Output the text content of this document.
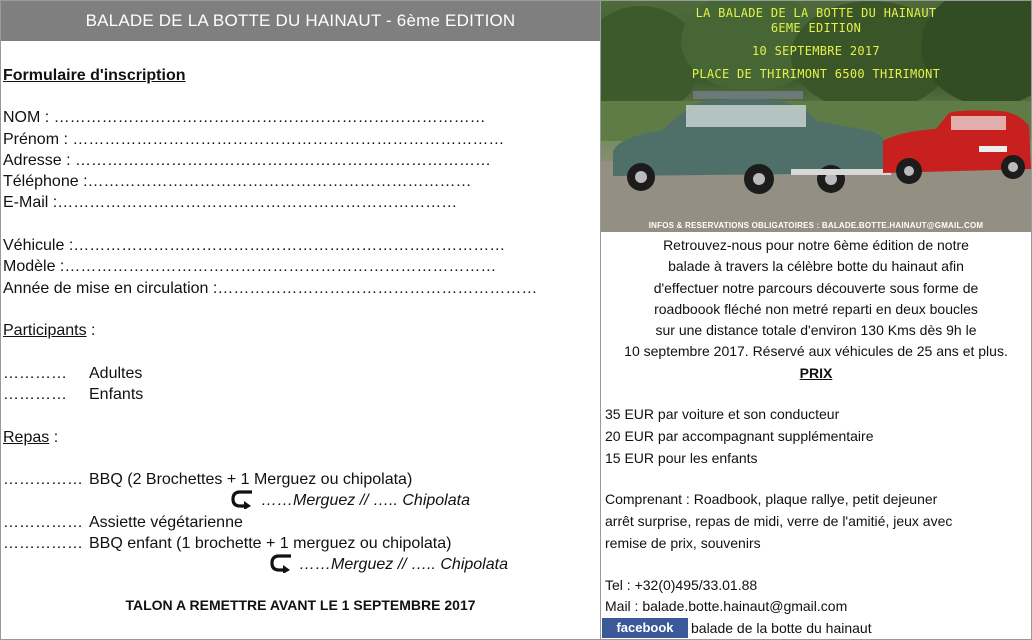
BALADE DE LA BOTTE DU HAINAUT - 6ème EDITION
Formulaire d'inscription
NOM : ………………………………………………………………………
Prénom : ………………………………………………………………………
Adresse : ……………………………………………………………………
Téléphone :………………………………………………………………
E-Mail :…………………………………………………………………
Véhicule :………………………………………………………………………
Modèle :………………………………………………………………………
Année de mise en circulation :……………………………………………………
Participants :
………… Adultes
………… Enfants
Repas :
…………… BBQ (2 Brochettes + 1 Merguez ou chipolata)
……Merguez // ….. Chipolata
…………… Assiette végétarienne
…………… BBQ enfant (1 brochette + 1 merguez ou chipolata)
……Merguez // ….. Chipolata
TALON A REMETTRE AVANT LE 1 SEPTEMBRE 2017
LA BALADE DE LA BOTTE DU HAINAUT
6EME EDITION
10 SEPTEMBRE 2017
PLACE DE THIRIMONT 6500 THIRIMONT
INFOS & RESERVATIONS OBLIGATOIRES : BALADE.BOTTE.HAINAUT@GMAIL.COM
Retrouvez-nous pour notre 6ème édition de notre
balade à travers la célèbre botte du hainaut afin
d'effectuer notre parcours découverte sous forme de
roadboook fléché non metré reparti en deux boucles
sur une distance totale d'environ 130 Kms dès 9h le
10 septembre 2017. Réservé aux véhicules de 25 ans et plus.
PRIX
35 EUR par voiture et son conducteur
20 EUR par accompagnant supplémentaire
15 EUR pour les enfants
Comprenant : Roadbook, plaque rallye, petit dejeuner
arrêt surprise, repas de midi, verre de l'amitié, jeux avec
remise de prix, souvenirs
Tel : +32(0)495/33.01.88
Mail : balade.botte.hainaut@gmail.com
facebook	balade de la botte du hainaut
